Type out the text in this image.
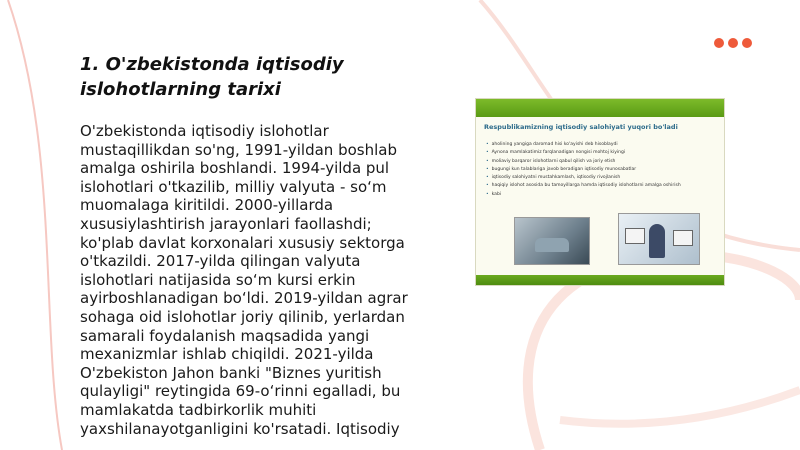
1. O'zbekistonda iqtisodiy islohotlarning tarixi

O'zbekistonda iqtisodiy islohotlar mustaqillikdan so'ng, 1991-yildan boshlab amalga oshirila boshlandi. 1994-yilda pul islohotlari o'tkazilib, milliy valyuta - so‘m muomalaga kiritildi. 2000-yillarda xususiylashtirish jarayonlari faollashdi; ko'plab davlat korxonalari xususiy sektorga o'tkazildi. 2017-yilda qilingan valyuta islohotlari natijasida so‘m kursi erkin ayirboshlanadigan bo‘ldi. 2019-yildan agrar sohaga oid islohotlar joriy qilinib, yerlardan samarali foydalanish maqsadida yangi mexanizmlar ishlab chiqildi. 2021-yilda O'zbekiston Jahon banki "Biznes yuritish qulayligi" reytingida 69-o‘rinni egalladi, bu mamlakatda tadbirkorlik muhiti yaxshilanayotganligini ko'rsatadi. Iqtisodiy

Respublikamizning iqtisodiy salohiyati yuqori bo'ladi
• aholining yangiga daromad hisi ko'ayishi deb hisoblaydi
• Aynona mamlakatimiz farqlanadigan nongisi mohtoj kiyingi
• moliaviy barqaror islohotlarni qabul qilish va joriy etish
• bugungi kun talablariga javob beradigan iqtisodiy munosabatlar
• iqtisodiy salohiyatni mustahkamlash, iqtisodiy rivojlanish
• haqiqiy islohot asosida bu tamoyillarga hamda iqtisodiy islohotlarni amalga oshirish
• kabi
